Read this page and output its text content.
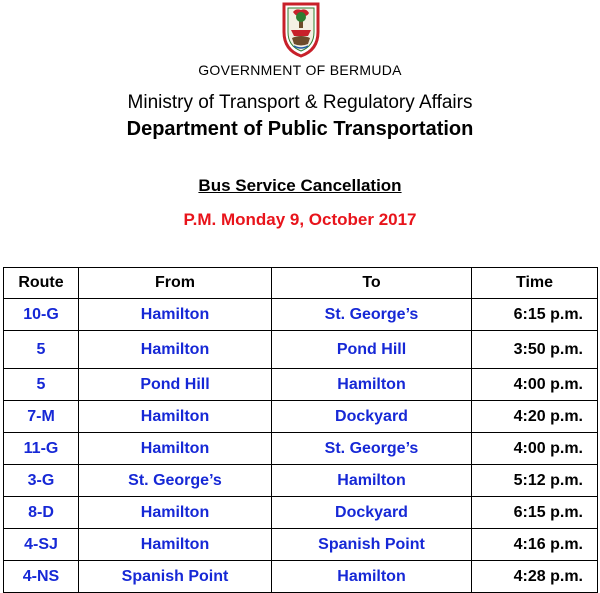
GOVERNMENT OF BERMUDA
Ministry of Transport & Regulatory Affairs
Department of Public Transportation
Bus Service Cancellation
P.M. Monday 9, October 2017
Route	From	To	Time
10-G	Hamilton	St. George’s	6:15 p.m.
5	Hamilton	Pond Hill	3:50 p.m.
5	Pond Hill	Hamilton	4:00 p.m.
7-M	Hamilton	Dockyard	4:20 p.m.
11-G	Hamilton	St. George’s	4:00 p.m.
3-G	St. George’s	Hamilton	5:12 p.m.
8-D	Hamilton	Dockyard	6:15 p.m.
4-SJ	Hamilton	Spanish Point	4:16 p.m.
4-NS	Spanish Point	Hamilton	4:28 p.m.
